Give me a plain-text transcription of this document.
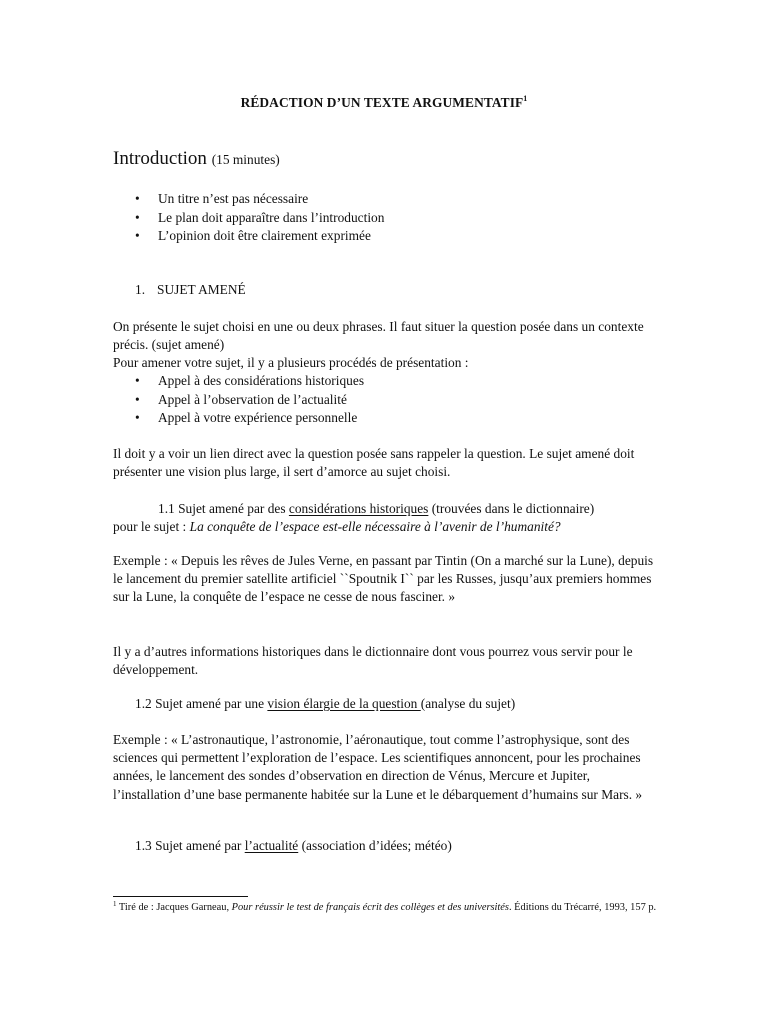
RÉDACTION D’UN TEXTE ARGUMENTATIF$^1$
Introduction (15 minutes)
• Un titre n’est pas nécessaire
• Le plan doit apparaître dans l’introduction
• L’opinion doit être clairement exprimée
1. SUJET AMENÉ

On présente le sujet choisi en une ou deux phrases. Il faut situer la question posée dans un contexte précis. (sujet amené)

Pour amener votre sujet, il y a plusieurs procédés de présentation :

• Appel à des considérations historiques
• Appel à l’observation de l’actualité
• Appel à votre expérience personnelle

Il doit y a voir un lien direct avec la question posée sans rappeler la question. Le sujet amené doit présenter une vision plus large, il sert d’amorce au sujet choisi.

1.1 Sujet amené par des considérations historiques (trouvées dans le dictionnaire)
pour le sujet : La conquête de l’espace est-elle nécessaire à l’avenir de l’humanité?

Exemple : « Depuis les rêves de Jules Verne, en passant par Tintin (On a marché sur la Lune), depuis le lancement du premier satellite artificiel ``Spoutnik I`` par les Russes, jusqu’aux premiers hommes sur la Lune, la conquête de l’espace ne cesse de nous fasciner. »

Il y a d’autres informations historiques dans le dictionnaire dont vous pourrez vous servir pour le développement.

1.2 Sujet amené par une vision élargie de la question (analyse du sujet)

Exemple : « L’astronautique, l’astronomie, l’aéronautique, tout comme l’astrophysique, sont des sciences qui permettent l’exploration de l’espace. Les scientifiques annoncent, pour les prochaines années, le lancement des sondes d’observation en direction de Vénus, Mercure et Jupiter, l’installation d’une base permanente habitée sur la Lune et le débarquement d’humains sur Mars. »

1.3 Sujet amené par l’actualité (association d’idées; météo)
$^1$ Tiré de : Jacques Garneau, Pour réussir le test de français écrit des collèges et des universités. Éditions du Trécarré, 1993, 157 p.
